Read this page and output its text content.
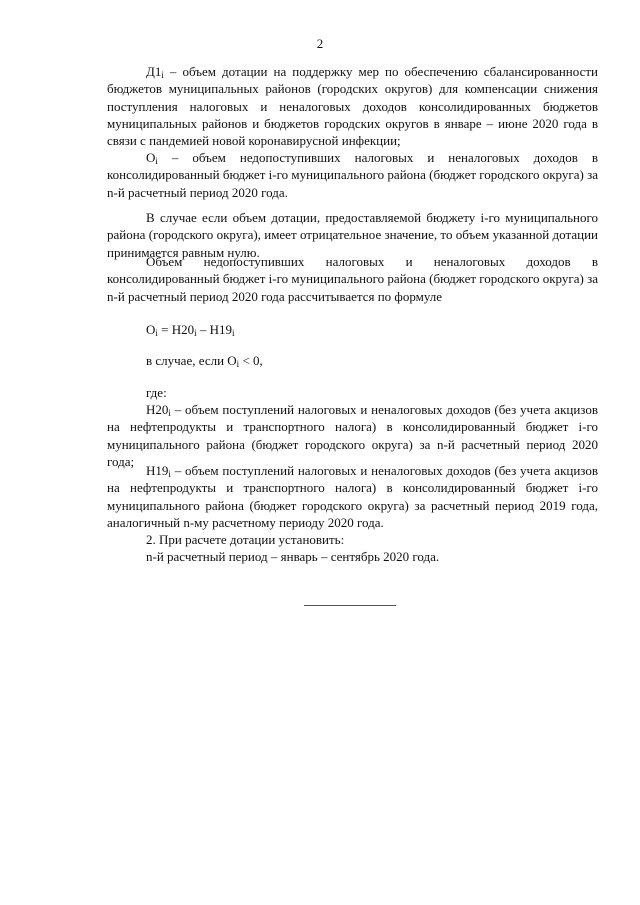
2

$Д1_i$ – объем дотации на поддержку мер по обеспечению сбалансированности бюджетов муниципальных районов (городских округов) для компенсации снижения поступления налоговых и неналоговых доходов консолидированных бюджетов муниципальных районов и бюджетов городских округов в январе – июне 2020 года в связи с пандемией новой коронавирусной инфекции;

$О_i$ – объем недопоступивших налоговых и неналоговых доходов в консолидированный бюджет i-го муниципального района (бюджет городского округа) за n-й расчетный период 2020 года.

В случае если объем дотации, предоставляемой бюджету i-го муниципального района (городского округа), имеет отрицательное значение, то объем указанной дотации принимается равным нулю.

Объем недопоступивших налоговых и неналоговых доходов в консолидированный бюджет i-го муниципального района (бюджет городского округа) за n-й расчетный период 2020 года рассчитывается по формуле

$О_i = Н20_i - Н19_i$

в случае, если $О_i < 0$,

где:

$Н20_i$ – объем поступлений налоговых и неналоговых доходов (без учета акцизов на нефтепродукты и транспортного налога) в консолидированный бюджет i-го муниципального района (бюджет городского округа) за n-й расчетный период 2020 года;

$Н19_i$ – объем поступлений налоговых и неналоговых доходов (без учета акцизов на нефтепродукты и транспортного налога) в консолидированный бюджет i-го муниципального района (бюджет городского округа) за расчетный период 2019 года, аналогичный n-му расчетному периоду 2020 года.

2. При расчете дотации установить:

n-й расчетный период – январь – сентябрь 2020 года.
